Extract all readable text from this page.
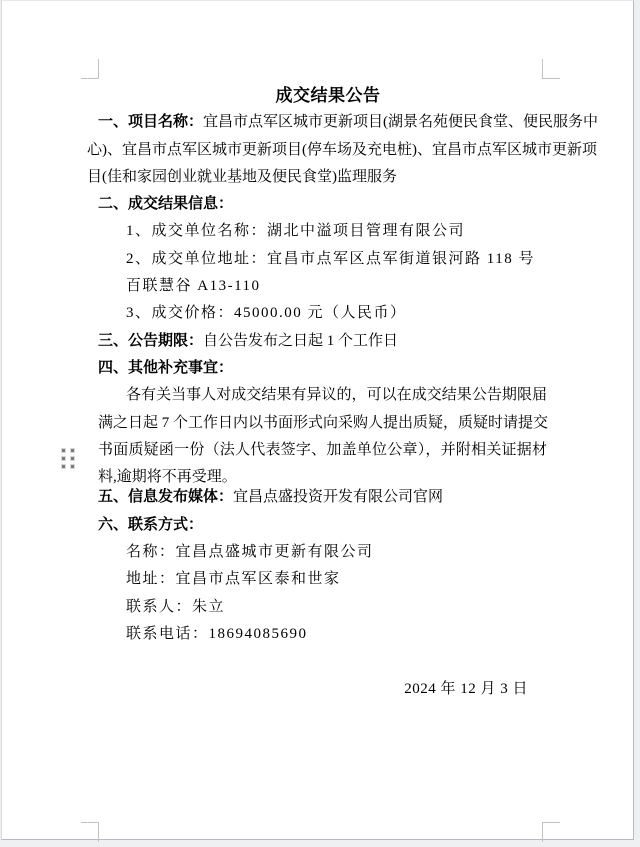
成交结果公告
一、项目名称：宜昌市点军区城市更新项目(湖景名苑便民食堂、便民服务中
心)、宜昌市点军区城市更新项目(停车场及充电桩)、宜昌市点军区城市更新项
目(佳和家园创业就业基地及便民食堂)监理服务
二、成交结果信息：
1、成交单位名称：湖北中溢项目管理有限公司
2、成交单位地址：宜昌市点军区点军街道银河路 118 号
百联慧谷 A13-110
3、成交价格：45000.00 元（人民币）
三、公告期限：自公告发布之日起 1 个工作日
四、其他补充事宜：
各有关当事人对成交结果有异议的，可以在成交结果公告期限届
满之日起 7 个工作日内以书面形式向采购人提出质疑，质疑时请提交
书面质疑函一份（法人代表签字、加盖单位公章），并附相关证据材
料,逾期将不再受理。
五、信息发布媒体：宜昌点盛投资开发有限公司官网
六、联系方式：
名称：宜昌点盛城市更新有限公司
地址：宜昌市点军区泰和世家
联系人：朱立
联系电话：18694085690
2024 年 12 月 3 日
